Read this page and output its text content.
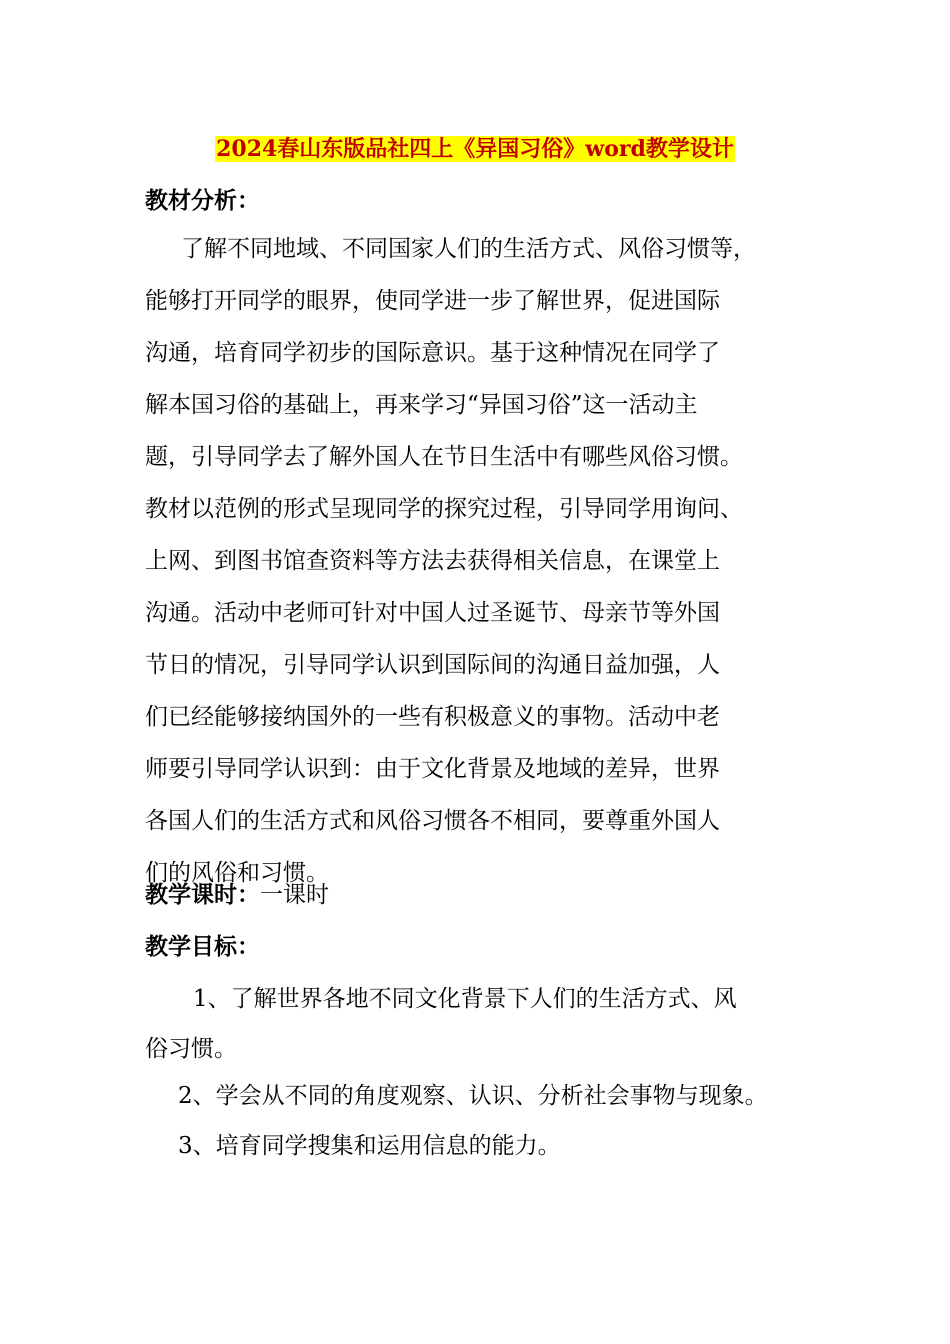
2024春山东版品社四上《异国习俗》word教学设计
教材分析：
了解不同地域、不同国家人们的生活方式、风俗习惯等，
能够打开同学的眼界，使同学进一步了解世界，促进国际
沟通，培育同学初步的国际意识。基于这种情况在同学了
解本国习俗的基础上，再来学习“异国习俗”这一活动主
题，引导同学去了解外国人在节日生活中有哪些风俗习惯。
教材以范例的形式呈现同学的探究过程，引导同学用询问、
上网、到图书馆查资料等方法去获得相关信息，在课堂上
沟通。活动中老师可针对中国人过圣诞节、母亲节等外国
节日的情况，引导同学认识到国际间的沟通日益加强，人
们已经能够接纳国外的一些有积极意义的事物。活动中老
师要引导同学认识到：由于文化背景及地域的差异，世界
各国人们的生活方式和风俗习惯各不相同，要尊重外国人
们的风俗和习惯。
教学课时：一课时
教学目标：
1、了解世界各地不同文化背景下人们的生活方式、风
俗习惯。
2、学会从不同的角度观察、认识、分析社会事物与现象。
3、培育同学搜集和运用信息的能力。
